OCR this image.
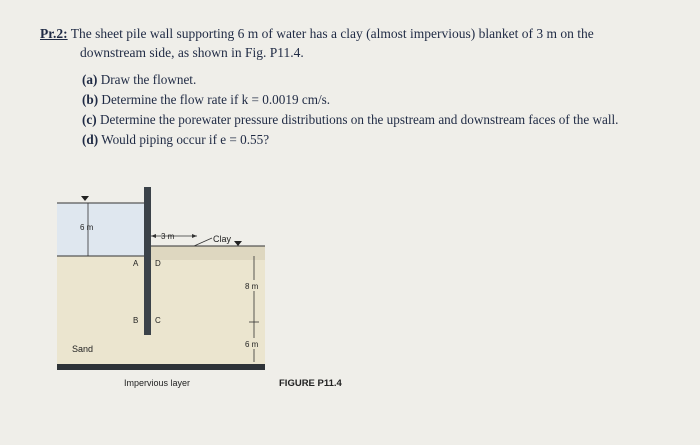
Pr.2: The sheet pile wall supporting 6 m of water has a clay (almost impervious) blanket of 3 m on the
downstream side, as shown in Fig. P11.4.
(a) Draw the flownet.
(b) Determine the flow rate if k = 0.0019 cm/s.
(c) Determine the porewater pressure distributions on the upstream and downstream faces of the wall.
(d) Would piping occur if e = 0.55?
6 m
3 m	Clay
A D
B C
8 m
6 m
Sand
Impervious layer	FIGURE P11.4
